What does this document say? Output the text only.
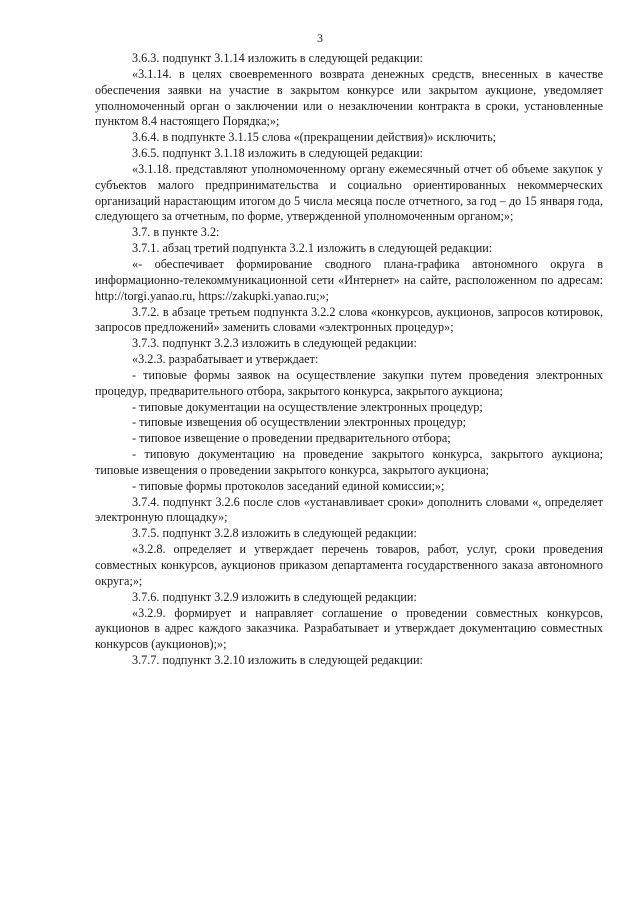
3

3.6.3. подпункт 3.1.14 изложить в следующей редакции:

«3.1.14. в целях своевременного возврата денежных средств, внесенных в качестве обеспечения заявки на участие в закрытом конкурсе или закрытом аукционе, уведомляет уполномоченный орган о заключении или о незаключении контракта в сроки, установленные пунктом 8.4 настоящего Порядка;»;

3.6.4. в подпункте 3.1.15 слова «(прекращении действия)» исключить;

3.6.5. подпункт 3.1.18 изложить в следующей редакции:

«3.1.18. представляют уполномоченному органу ежемесячный отчет об объеме закупок у субъектов малого предпринимательства и социально ориентированных некоммерческих организаций нарастающим итогом до 5 числа месяца после отчетного, за год – до 15 января года, следующего за отчетным, по форме, утвержденной уполномоченным органом;»;

3.7. в пункте 3.2:

3.7.1. абзац третий подпункта 3.2.1 изложить в следующей редакции:

«- обеспечивает формирование сводного плана-графика автономного округа в информационно-телекоммуникационной сети «Интернет» на сайте, расположенном по адресам: http://torgi.yanao.ru, https://zakupki.yanao.ru;»;

3.7.2. в абзаце третьем подпункта 3.2.2 слова «конкурсов, аукционов, запросов котировок, запросов предложений» заменить словами «электронных процедур»;

3.7.3. подпункт 3.2.3 изложить в следующей редакции:

«3.2.3. разрабатывает и утверждает:

- типовые формы заявок на осуществление закупки путем проведения электронных процедур, предварительного отбора, закрытого конкурса, закрытого аукциона;

- типовые документации на осуществление электронных процедур;

- типовые извещения об осуществлении электронных процедур;

- типовое извещение о проведении предварительного отбора;

- типовую документацию на проведение закрытого конкурса, закрытого аукциона; типовые извещения о проведении закрытого конкурса, закрытого аукциона;

- типовые формы протоколов заседаний единой комиссии;»;

3.7.4. подпункт 3.2.6 после слов «устанавливает сроки» дополнить словами «, определяет электронную площадку»;

3.7.5. подпункт 3.2.8 изложить в следующей редакции:

«3.2.8. определяет и утверждает перечень товаров, работ, услуг, сроки проведения совместных конкурсов, аукционов приказом департамента государственного заказа автономного округа;»;

3.7.6. подпункт 3.2.9 изложить в следующей редакции:

«3.2.9. формирует и направляет соглашение о проведении совместных конкурсов, аукционов в адрес каждого заказчика. Разрабатывает и утверждает документацию совместных конкурсов (аукционов);»;

3.7.7. подпункт 3.2.10 изложить в следующей редакции:
